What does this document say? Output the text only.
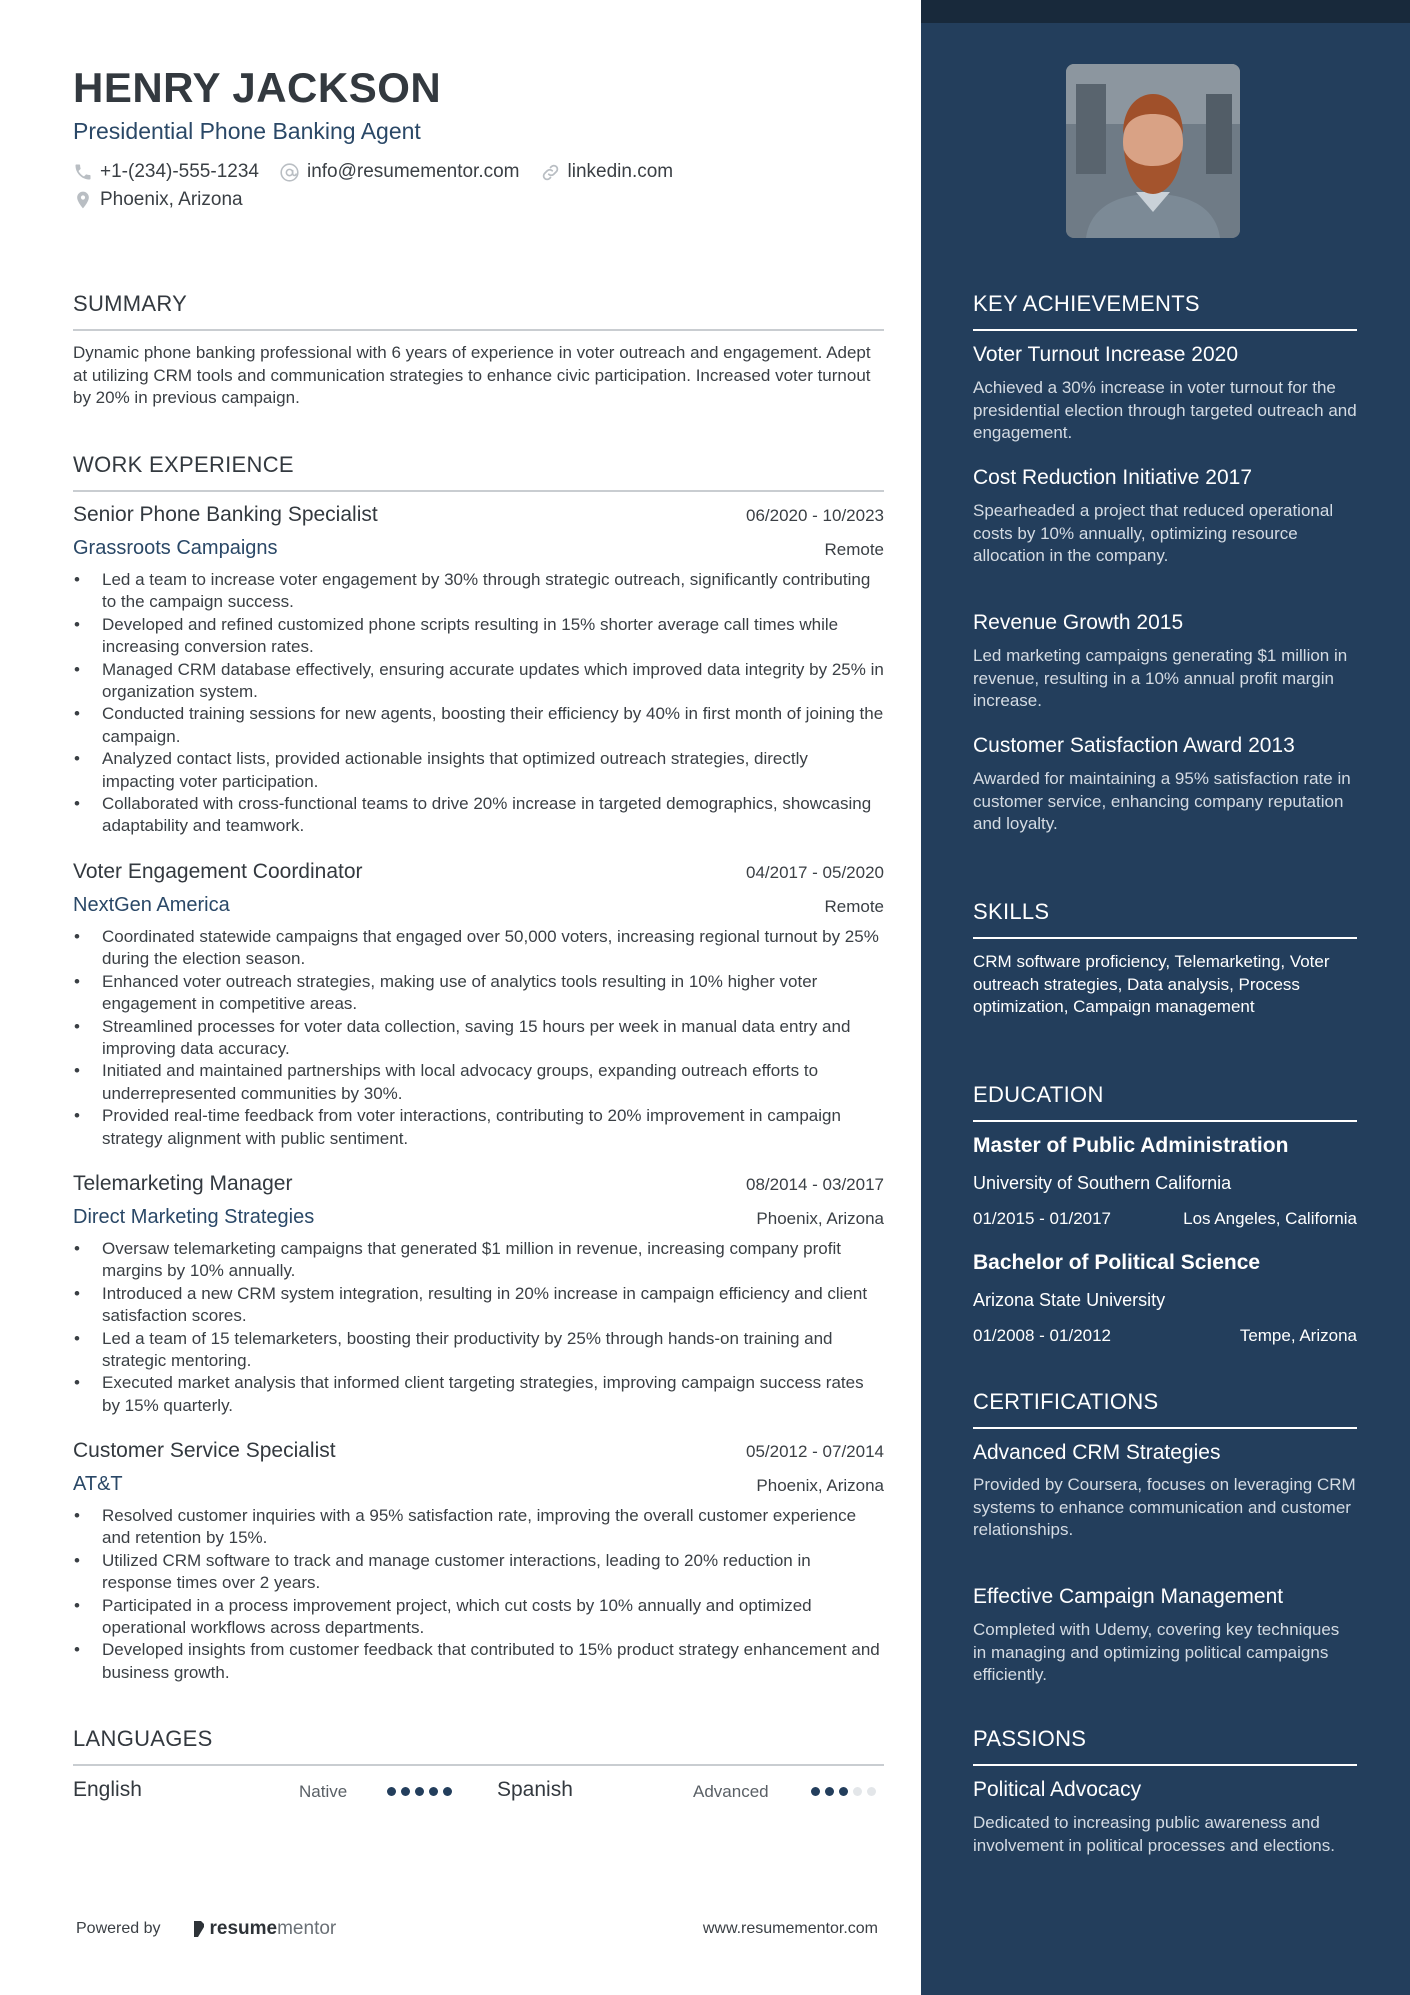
HENRY JACKSON
Presidential Phone Banking Agent
+1-(234)-555-1234	info@resumementor.com	linkedin.com
Phoenix, Arizona
SUMMARY
Dynamic phone banking professional with 6 years of experience in voter outreach and engagement. Adept at utilizing CRM tools and communication strategies to enhance civic participation. Increased voter turnout by 20% in previous campaign.
WORK EXPERIENCE
Senior Phone Banking Specialist	06/2020 - 10/2023
Grassroots Campaigns	Remote
• Led a team to increase voter engagement by 30% through strategic outreach, significantly contributing to the campaign success.
• Developed and refined customized phone scripts resulting in 15% shorter average call times while increasing conversion rates.
• Managed CRM database effectively, ensuring accurate updates which improved data integrity by 25% in organization system.
• Conducted training sessions for new agents, boosting their efficiency by 40% in first month of joining the campaign.
• Analyzed contact lists, provided actionable insights that optimized outreach strategies, directly impacting voter participation.
• Collaborated with cross-functional teams to drive 20% increase in targeted demographics, showcasing adaptability and teamwork.
Voter Engagement Coordinator	04/2017 - 05/2020
NextGen America	Remote
• Coordinated statewide campaigns that engaged over 50,000 voters, increasing regional turnout by 25% during the election season.
• Enhanced voter outreach strategies, making use of analytics tools resulting in 10% higher voter engagement in competitive areas.
• Streamlined processes for voter data collection, saving 15 hours per week in manual data entry and improving data accuracy.
• Initiated and maintained partnerships with local advocacy groups, expanding outreach efforts to underrepresented communities by 30%.
• Provided real-time feedback from voter interactions, contributing to 20% improvement in campaign strategy alignment with public sentiment.
Telemarketing Manager	08/2014 - 03/2017
Direct Marketing Strategies	Phoenix, Arizona
• Oversaw telemarketing campaigns that generated $1 million in revenue, increasing company profit margins by 10% annually.
• Introduced a new CRM system integration, resulting in 20% increase in campaign efficiency and client satisfaction scores.
• Led a team of 15 telemarketers, boosting their productivity by 25% through hands-on training and strategic mentoring.
• Executed market analysis that informed client targeting strategies, improving campaign success rates by 15% quarterly.
Customer Service Specialist	05/2012 - 07/2014
AT&T	Phoenix, Arizona
• Resolved customer inquiries with a 95% satisfaction rate, improving the overall customer experience and retention by 15%.
• Utilized CRM software to track and manage customer interactions, leading to 20% reduction in response times over 2 years.
• Participated in a process improvement project, which cut costs by 10% annually and optimized operational workflows across departments.
• Developed insights from customer feedback that contributed to 15% product strategy enhancement and business growth.
LANGUAGES
English	Native	Spanish	Advanced
Powered by	resume mentor	www.resumementor.com
KEY ACHIEVEMENTS
Voter Turnout Increase 2020
Achieved a 30% increase in voter turnout for the presidential election through targeted outreach and engagement.
Cost Reduction Initiative 2017
Spearheaded a project that reduced operational costs by 10% annually, optimizing resource allocation in the company.
Revenue Growth 2015
Led marketing campaigns generating $1 million in revenue, resulting in a 10% annual profit margin increase.
Customer Satisfaction Award 2013
Awarded for maintaining a 95% satisfaction rate in customer service, enhancing company reputation and loyalty.
SKILLS
CRM software proficiency, Telemarketing, Voter outreach strategies, Data analysis, Process optimization, Campaign management
EDUCATION
Master of Public Administration
University of Southern California
01/2015 - 01/2017	Los Angeles, California
Bachelor of Political Science
Arizona State University
01/2008 - 01/2012	Tempe, Arizona
CERTIFICATIONS
Advanced CRM Strategies
Provided by Coursera, focuses on leveraging CRM systems to enhance communication and customer relationships.
Effective Campaign Management
Completed with Udemy, covering key techniques in managing and optimizing political campaigns efficiently.
PASSIONS
Political Advocacy
Dedicated to increasing public awareness and involvement in political processes and elections.
